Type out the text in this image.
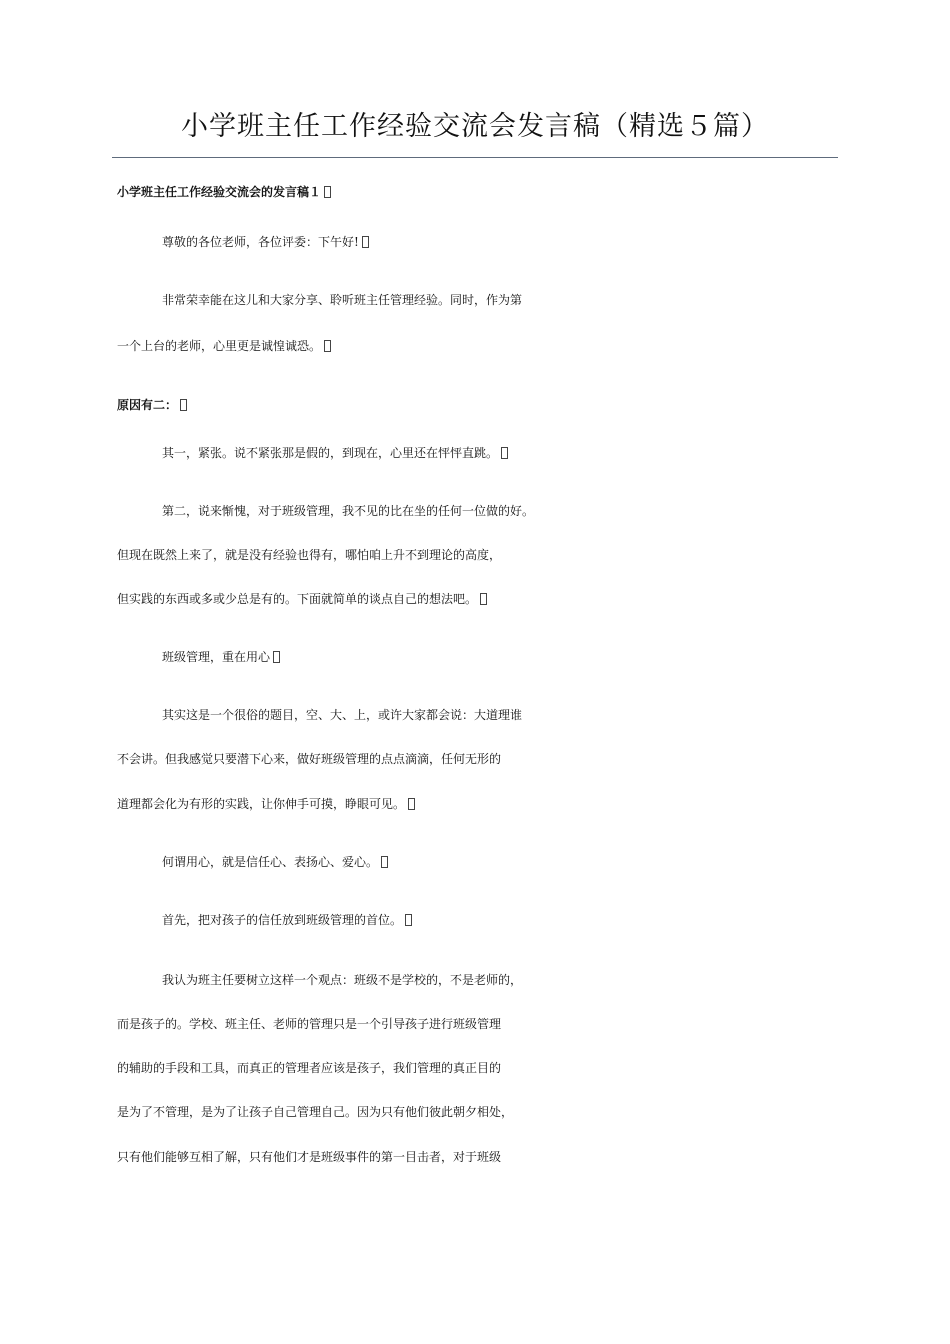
小学班主任工作经验交流会发言稿（精选５篇）
小学班主任工作经验交流会的发言稿１
尊敬的各位老师，各位评委：下午好!
非常荣幸能在这儿和大家分享、聆听班主任管理经验。同时，作为第
一个上台的老师，心里更是诚惶诚恐。
原因有二：
其一，紧张。说不紧张那是假的，到现在，心里还在怦怦直跳。
第二，说来惭愧，对于班级管理，我不见的比在坐的任何一位做的好。
但现在既然上来了，就是没有经验也得有，哪怕咱上升不到理论的高度，
但实践的东西或多或少总是有的。下面就简单的谈点自己的想法吧。
班级管理，重在用心
其实这是一个很俗的题目，空、大、上，或许大家都会说：大道理谁
不会讲。但我感觉只要潜下心来，做好班级管理的点点滴滴，任何无形的
道理都会化为有形的实践，让你伸手可摸，睁眼可见。
何谓用心，就是信任心、表扬心、爱心。
首先，把对孩子的信任放到班级管理的首位。
我认为班主任要树立这样一个观点：班级不是学校的，不是老师的，
而是孩子的。学校、班主任、老师的管理只是一个引导孩子进行班级管理
的辅助的手段和工具，而真正的管理者应该是孩子，我们管理的真正目的
是为了不管理，是为了让孩子自己管理自己。因为只有他们彼此朝夕相处，
只有他们能够互相了解，只有他们才是班级事件的第一目击者，对于班级
